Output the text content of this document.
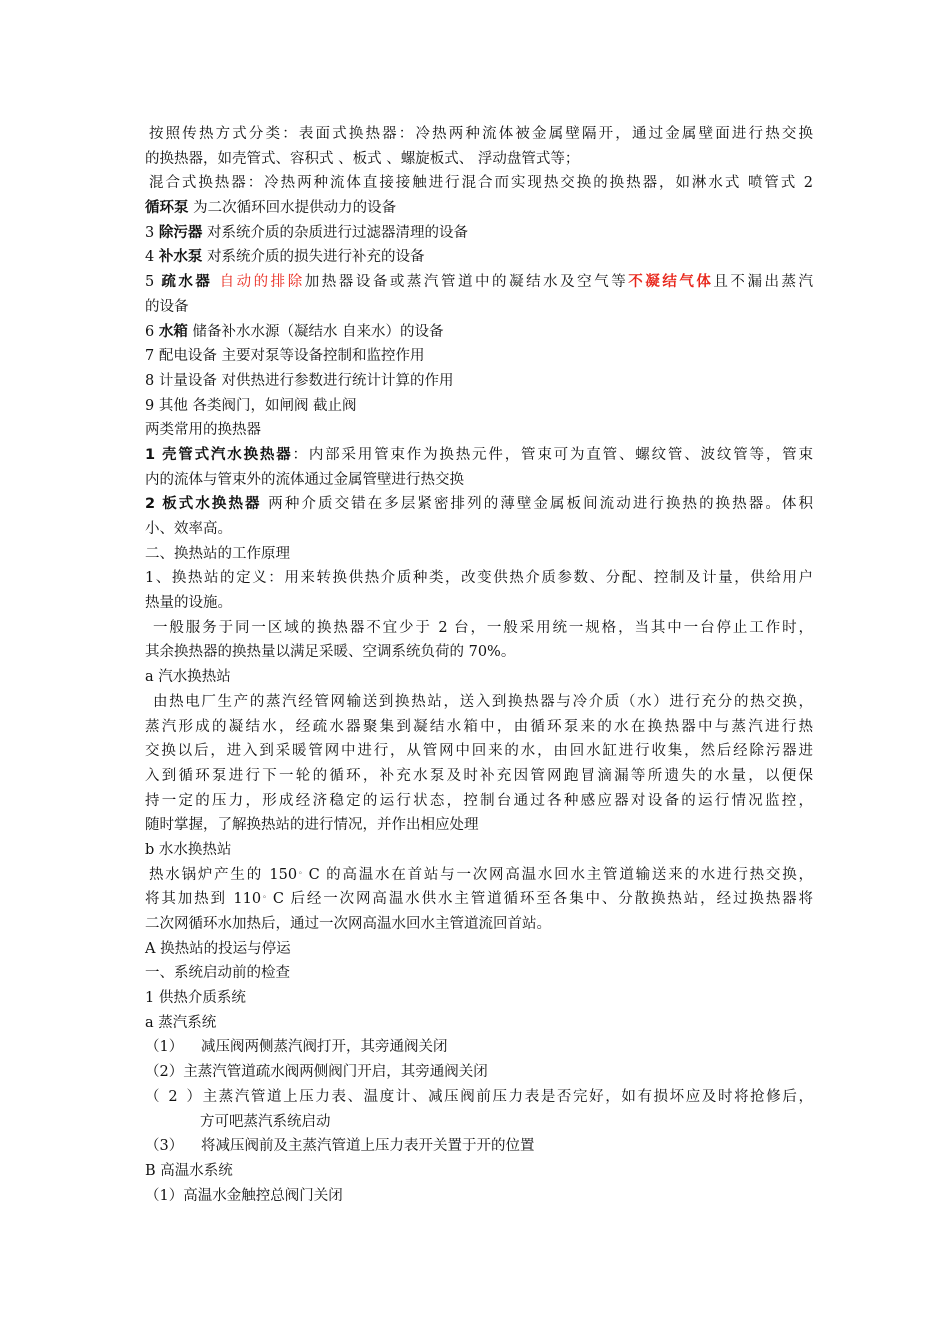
按照传热方式分类：表面式换热器：冷热两种流体被金属壁隔开，通过金属壁面进行热交换
的换热器，如壳管式、容积式 、板式 、螺旋板式、 浮动盘管式等；
混合式换热器：冷热两种流体直接接触进行混合而实现热交换的换热器，如淋水式 喷管式 2
循环泵 为二次循环回水提供动力的设备
3 除污器 对系统介质的杂质进行过滤器清理的设备
4 补水泵 对系统介质的损失进行补充的设备
5 疏水器 自动的排除加热器设备或蒸汽管道中的凝结水及空气等不凝结气体且不漏出蒸汽
的设备
6 水箱 储备补水水源（凝结水 自来水）的设备
7 配电设备 主要对泵等设备控制和监控作用
8 计量设备 对供热进行参数进行统计计算的作用
9 其他 各类阀门，如闸阀 截止阀
两类常用的换热器
1 壳管式汽水换热器：内部采用管束作为换热元件，管束可为直管、螺纹管、波纹管等，管束
内的流体与管束外的流体通过金属管壁进行热交换
2 板式水换热器 两种介质交错在多层紧密排列的薄壁金属板间流动进行换热的换热器。体积
小、效率高。
二、换热站的工作原理
1、换热站的定义：用来转换供热介质种类，改变供热介质参数、分配、控制及计量，供给用户
热量的设施。
一般服务于同一区域的换热器不宜少于 2 台，一般采用统一规格，当其中一台停止工作时，
其余换热器的换热量以满足采暖、空调系统负荷的 70%。
a 汽水换热站
由热电厂生产的蒸汽经管网输送到换热站，送入到换热器与冷介质（水）进行充分的热交换，
蒸汽形成的凝结水，经疏水器聚集到凝结水箱中，由循环泵来的水在换热器中与蒸汽进行热
交换以后，进入到采暖管网中进行，从管网中回来的水，由回水缸进行收集，然后经除污器进
入到循环泵进行下一轮的循环，补充水泵及时补充因管网跑冒滴漏等所遗失的水量，以便保
持一定的压力，形成经济稳定的运行状态，控制台通过各种感应器对设备的运行情况监控，
随时掌握，了解换热站的进行情况，并作出相应处理
b 水水换热站
热水锅炉产生的 150。C 的高温水在首站与一次网高温水回水主管道输送来的水进行热交换，
将其加热到 110。C 后经一次网高温水供水主管道循环至各集中、分散换热站，经过换热器将
二次网循环水加热后，通过一次网高温水回水主管道流回首站。
A 换热站的投运与停运
一、系统启动前的检查
1 供热介质系统
a 蒸汽系统
（1） 减压阀两侧蒸汽阀打开，其旁通阀关闭
（2）主蒸汽管道疏水阀两侧阀门开启，其旁通阀关闭
（2）主蒸汽管道上压力表、温度计、减压阀前压力表是否完好，如有损坏应及时将抢修后，
方可吧蒸汽系统启动
（3） 将减压阀前及主蒸汽管道上压力表开关置于开的位置
B 高温水系统
（1）高温水金触控总阀门关闭
